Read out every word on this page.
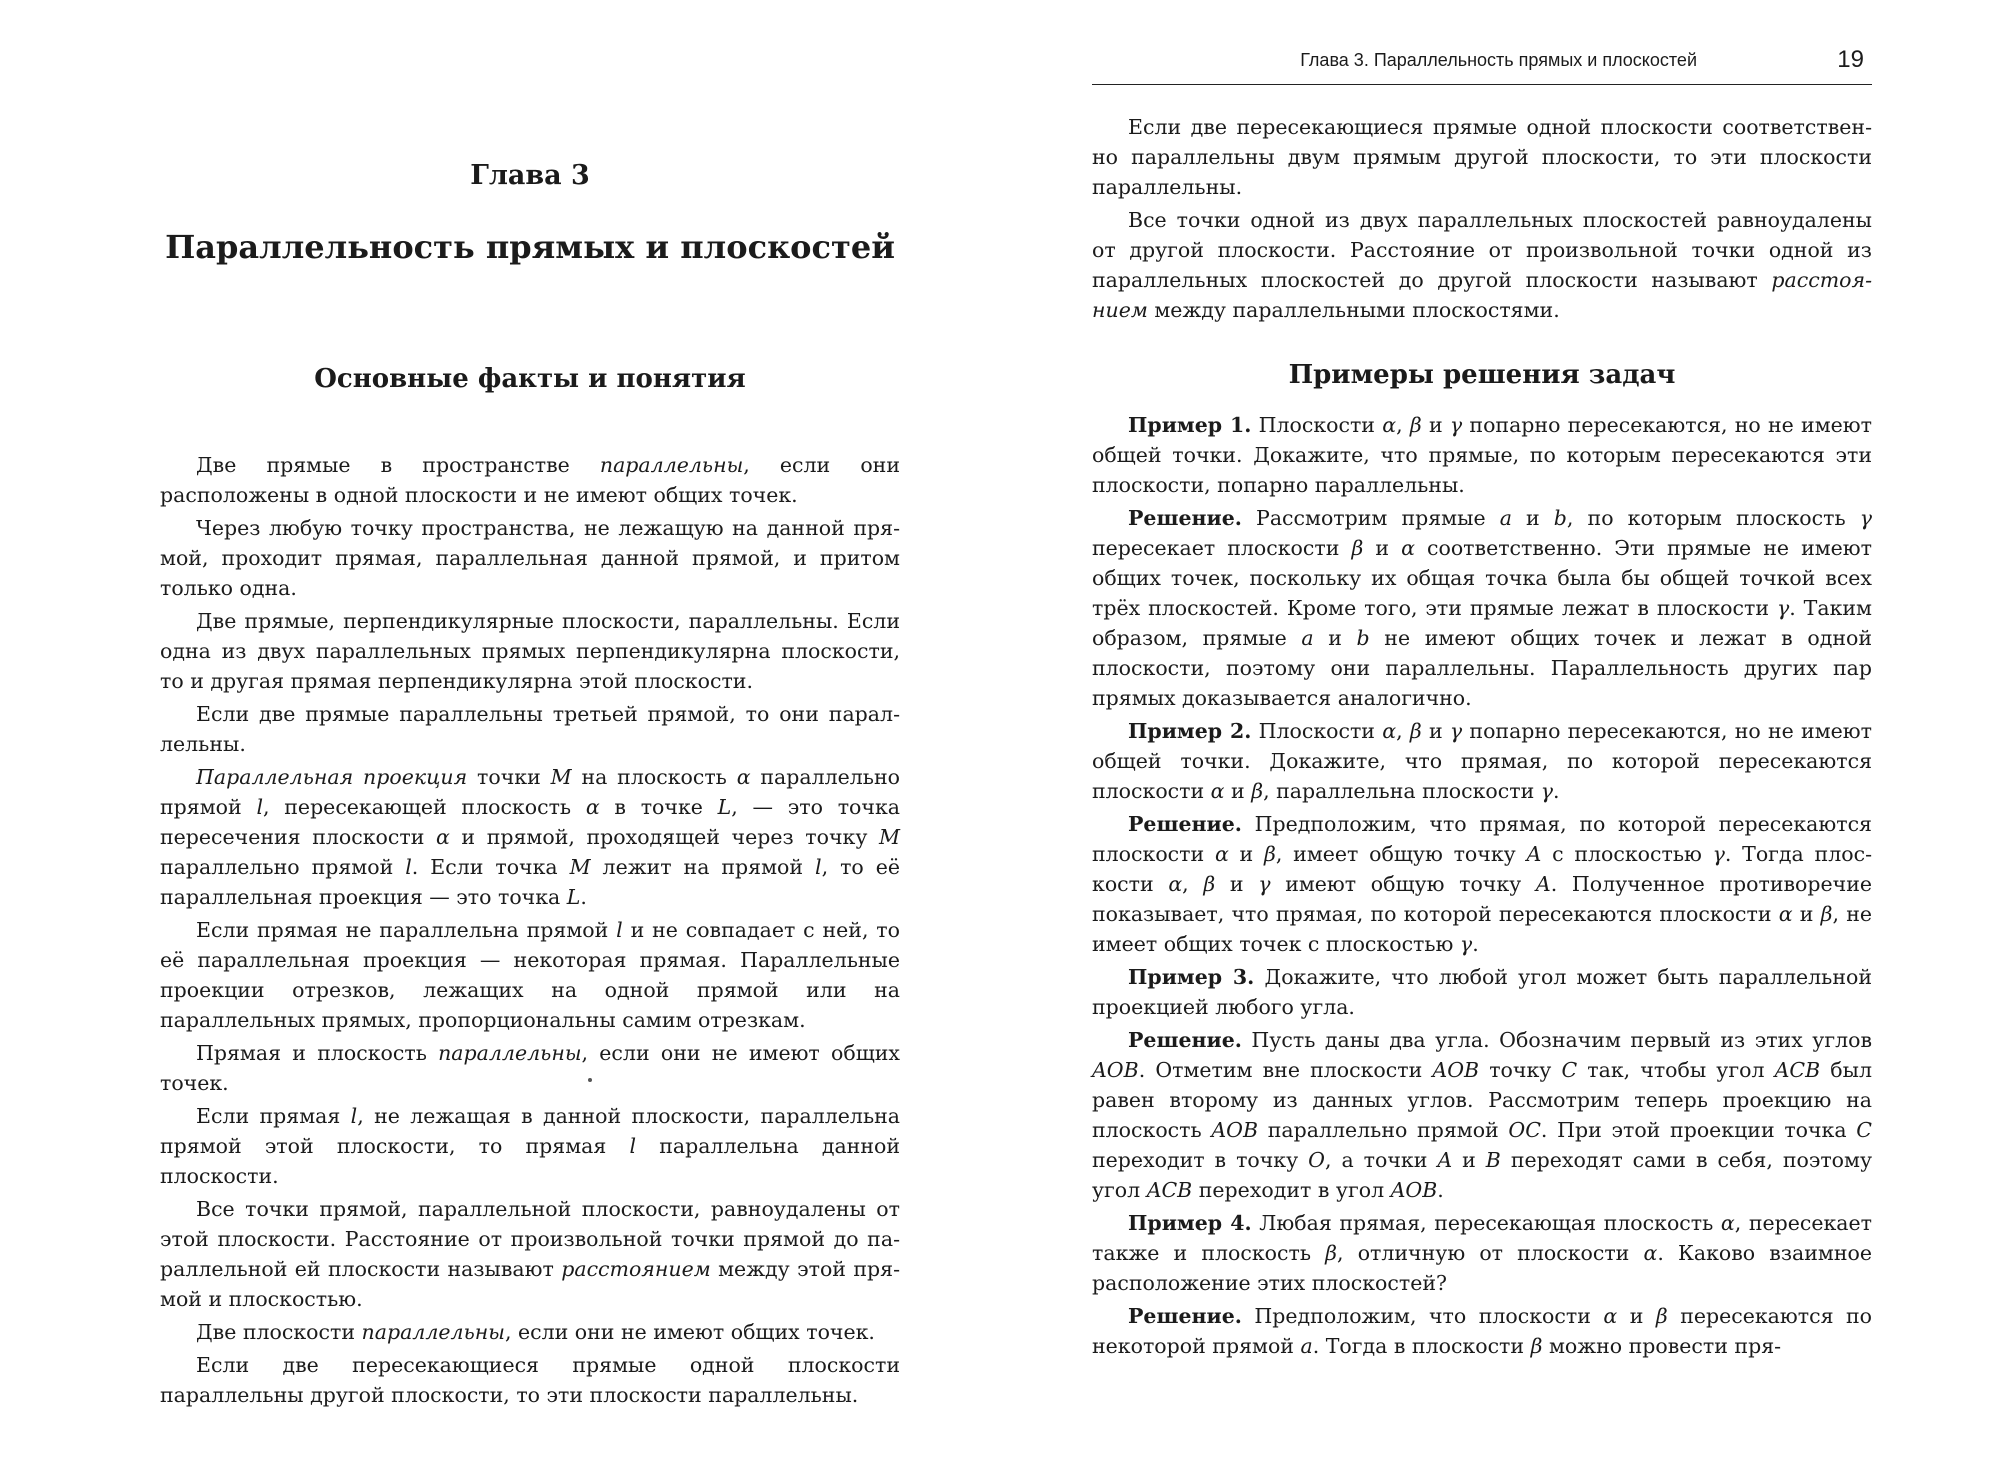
Глава 3
Параллельность прямых и плоскостей
Основные факты и понятия

Две прямые в пространстве параллельны, если они расположены в одной плоскости и не имеют общих точек.

Через любую точку пространства, не лежащую на данной прямой, проходит прямая, параллельная данной прямой, и притом только одна.

Две прямые, перпендикулярные плоскости, параллельны. Если одна из двух параллельных прямых перпендикулярна плоскости, то и другая прямая перпендикулярна этой плоскости.

Если две прямые параллельны третьей прямой, то они параллельны.

Параллельная проекция точки M на плоскость α параллельно прямой l, пересекающей плоскость α в точке L, — это точка пересечения плоскости α и прямой, проходящей через точку M параллельно прямой l. Если точка M лежит на прямой l, то её параллельная проекция — это точка L.

Если прямая не параллельна прямой l и не совпадает с ней, то её параллельная проекция — некоторая прямая. Параллельные проекции отрезков, лежащих на одной прямой или на параллельных прямых, пропорциональны самим отрезкам.

Прямая и плоскость параллельны, если они не имеют общих точек.

Если прямая l, не лежащая в данной плоскости, параллельна прямой этой плоскости, то прямая l параллельна данной плоскости.

Все точки прямой, параллельной плоскости, равноудалены от этой плоскости. Расстояние от произвольной точки прямой до параллельной ей плоскости называют расстоянием между этой прямой и плоскостью.

Две плоскости параллельны, если они не имеют общих точек.

Если две пересекающиеся прямые одной плоскости параллельны другой плоскости, то эти плоскости параллельны.

Глава 3. Параллельность прямых и плоскостей	19

Если две пересекающиеся прямые одной плоскости соответственно параллельны двум прямым другой плоскости, то эти плоскости параллельны.

Все точки одной из двух параллельных плоскостей равноудалены от другой плоскости. Расстояние от произвольной точки одной из параллельных плоскостей до другой плоскости называют расстоянием между параллельными плоскостями.

Примеры решения задач

Пример 1. Плоскости α, β и γ попарно пересекаются, но не имеют общей точки. Докажите, что прямые, по которым пересекаются эти плоскости, попарно параллельны.

Решение. Рассмотрим прямые a и b, по которым плоскость γ пересекает плоскости β и α соответственно. Эти прямые не имеют общих точек, поскольку их общая точка была бы общей точкой всех трёх плоскостей. Кроме того, эти прямые лежат в плоскости γ. Таким образом, прямые a и b не имеют общих точек и лежат в одной плоскости, поэтому они параллельны. Параллельность других пар прямых доказывается аналогично.

Пример 2. Плоскости α, β и γ попарно пересекаются, но не имеют общей точки. Докажите, что прямая, по которой пересекаются плоскости α и β, параллельна плоскости γ.

Решение. Предположим, что прямая, по которой пересекаются плоскости α и β, имеет общую точку A с плоскостью γ. Тогда плоскости α, β и γ имеют общую точку A. Полученное противоречие показывает, что прямая, по которой пересекаются плоскости α и β, не имеет общих точек с плоскостью γ.

Пример 3. Докажите, что любой угол может быть параллельной проекцией любого угла.

Решение. Пусть даны два угла. Обозначим первый из этих углов AOB. Отметим вне плоскости AOB точку C так, чтобы угол ACB был равен второму из данных углов. Рассмотрим теперь проекцию на плоскость AOB параллельно прямой OC. При этой проекции точка C переходит в точку O, а точки A и B переходят сами в себя, поэтому угол ACB переходит в угол AOB.

Пример 4. Любая прямая, пересекающая плоскость α, пересекает также и плоскость β, отличную от плоскости α. Каково взаимное расположение этих плоскостей?

Решение. Предположим, что плоскости α и β пересекаются по некоторой прямой a. Тогда в плоскости β можно провести пря-
